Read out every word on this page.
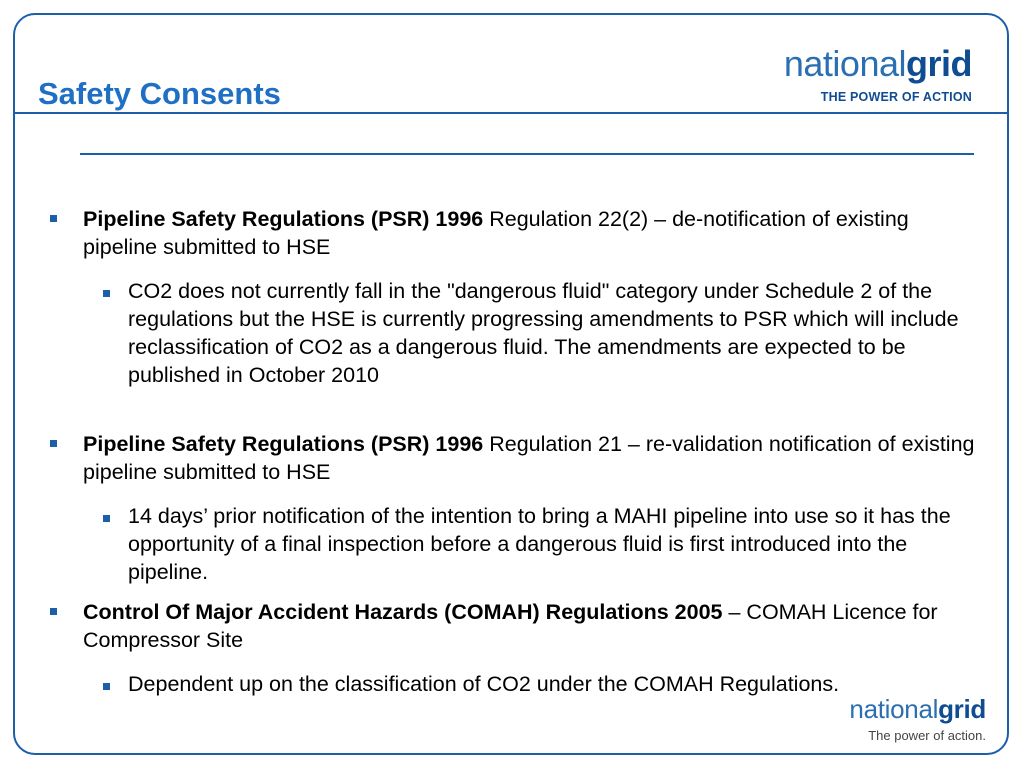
Safety Consents
nationalgrid
THE POWER OF ACTION
Pipeline Safety Regulations (PSR) 1996 Regulation 22(2) – de-notification of existing pipeline submitted to HSE
CO2 does not currently fall in the "dangerous fluid" category under Schedule 2 of the regulations but the HSE is currently progressing amendments to PSR which will include reclassification of CO2 as a dangerous fluid. The amendments are expected to be published in October 2010
Pipeline Safety Regulations (PSR) 1996 Regulation 21 – re-validation notification of existing pipeline submitted to HSE
14 days’ prior notification of the intention to bring a MAHI pipeline into use so it has the opportunity of a final inspection before a dangerous fluid is first introduced into the pipeline.
Control Of Major Accident Hazards (COMAH) Regulations 2005 – COMAH Licence for Compressor Site
Dependent up on the classification of CO2 under the COMAH Regulations.
nationalgrid
The power of action.
